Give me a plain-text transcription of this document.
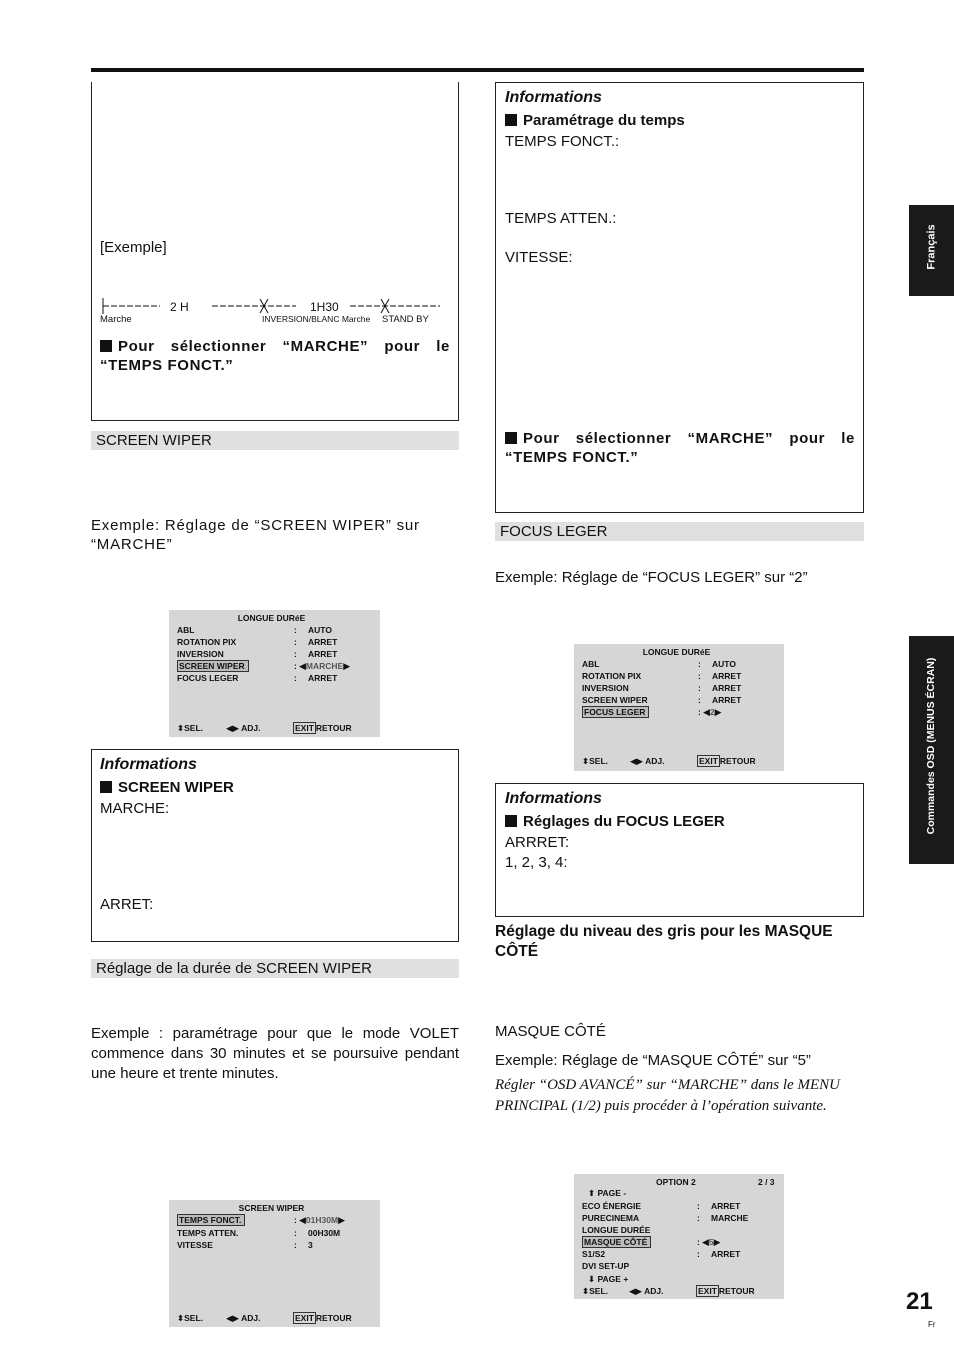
Français
Commandes OSD (MENUS ÉCRAN)
[Exemple]
2 H	1H30
Marche	INVERSION/BLANC Marche STAND BY
Pour sélectionner “MARCHE” pour le “TEMPS FONCT.”
SCREEN WIPER
Exemple: Réglage de “SCREEN WIPER” sur “MARCHE”
LONGUE DURéE
ABL	: AUTO
ROTATION PIX	: ARRET
INVERSION	: ARRET
SCREEN WIPER	: ◀MARCHE▶
FOCUS LEGER	: ARRET
⬍SEL.	◀▶ ADJ.	EXIT RETOUR
Informations
SCREEN WIPER
MARCHE:
ARRET:
Réglage de la durée de SCREEN WIPER
Exemple : paramétrage pour que le mode VOLET commence dans 30 minutes et se poursuive pendant une heure et trente minutes.
SCREEN WIPER
TEMPS FONCT.	: ◀01H30M▶
TEMPS ATTEN.	: 00H30M
VITESSE	: 3
⬍SEL.	◀▶ ADJ.	EXIT RETOUR
Informations
Paramétrage du temps
TEMPS FONCT.:
TEMPS ATTEN.:
VITESSE:
Pour sélectionner “MARCHE” pour le “TEMPS FONCT.”
FOCUS LEGER
Exemple: Réglage de “FOCUS LEGER” sur “2”
LONGUE DURéE
ABL	: AUTO
ROTATION PIX	: ARRET
INVERSION	: ARRET
SCREEN WIPER	: ARRET
FOCUS LEGER	: ◀2▶
⬍SEL.	◀▶ ADJ.	EXIT RETOUR
Informations
Réglages du FOCUS LEGER
ARRRET:
1, 2, 3, 4:
Réglage du niveau des gris pour les MASQUE CÔTÉ
MASQUE CÔTÉ
Exemple: Réglage de “MASQUE CÔTÉ” sur “5”
Régler “OSD AVANCÉ” sur “MARCHE” dans le MENU PRINCIPAL (1/2) puis procéder à l’opération suivante.
OPTION 2	2 / 3
⬆ PAGE -
ECO ÉNERGIE	: ARRET
PURECINEMA	: MARCHE
LONGUE DURÉE
MASQUE CÔTÉ	: ◀5▶
S1/S2	: ARRET
DVI SET-UP
⬇ PAGE +
⬍SEL. ◀▶ ADJ.	EXIT RETOUR	21
Fr
